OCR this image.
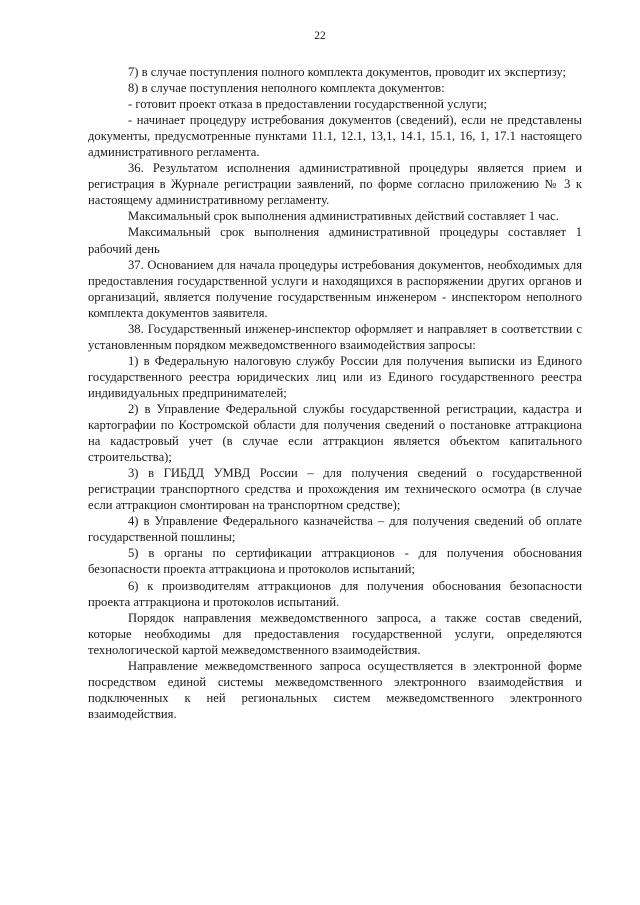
22

7) в случае поступления полного комплекта документов, проводит их экспертизу;

8) в случае поступления неполного комплекта документов:

- готовит проект отказа в предоставлении государственной услуги;

- начинает процедуру истребования документов (сведений), если не представлены документы, предусмотренные пунктами 11.1, 12.1, 13,1, 14.1, 15.1, 16, 1, 17.1 настоящего административного регламента.

36. Результатом исполнения административной процедуры является прием и регистрация в Журнале регистрации заявлений, по форме согласно приложению № 3 к настоящему административному регламенту.

Максимальный срок выполнения административных действий составляет 1 час.

Максимальный срок выполнения административной процедуры составляет 1 рабочий день

37. Основанием для начала процедуры истребования документов, необходимых для предоставления государственной услуги и находящихся в распоряжении других органов и организаций, является получение государственным инженером - инспектором неполного комплекта документов заявителя.

38. Государственный инженер-инспектор оформляет и направляет в соответствии с установленным порядком межведомственного взаимодействия запросы:

1) в Федеральную налоговую службу России для получения выписки из Единого государственного реестра юридических лиц или из Единого государственного реестра индивидуальных предпринимателей;

2) в Управление Федеральной службы государственной регистрации, кадастра и картографии по Костромской области для получения сведений о постановке аттракциона на кадастровый учет (в случае если аттракцион является объектом капитального строительства);

3) в ГИБДД УМВД России – для получения сведений о государственной регистрации транспортного средства и прохождения им технического осмотра (в случае если аттракцион смонтирован на транспортном средстве);

4) в Управление Федерального казначейства – для получения сведений об оплате государственной пошлины;

5) в органы по сертификации аттракционов - для получения обоснования безопасности проекта аттракциона и протоколов испытаний;

6) к производителям аттракционов для получения обоснования безопасности проекта аттракциона и протоколов испытаний.

Порядок направления межведомственного запроса, а также состав сведений, которые необходимы для предоставления государственной услуги, определяются технологической картой межведомственного взаимодействия.

Направление межведомственного запроса осуществляется в электронной форме посредством единой системы межведомственного электронного взаимодействия и подключенных к ней региональных систем межведомственного электронного взаимодействия.
